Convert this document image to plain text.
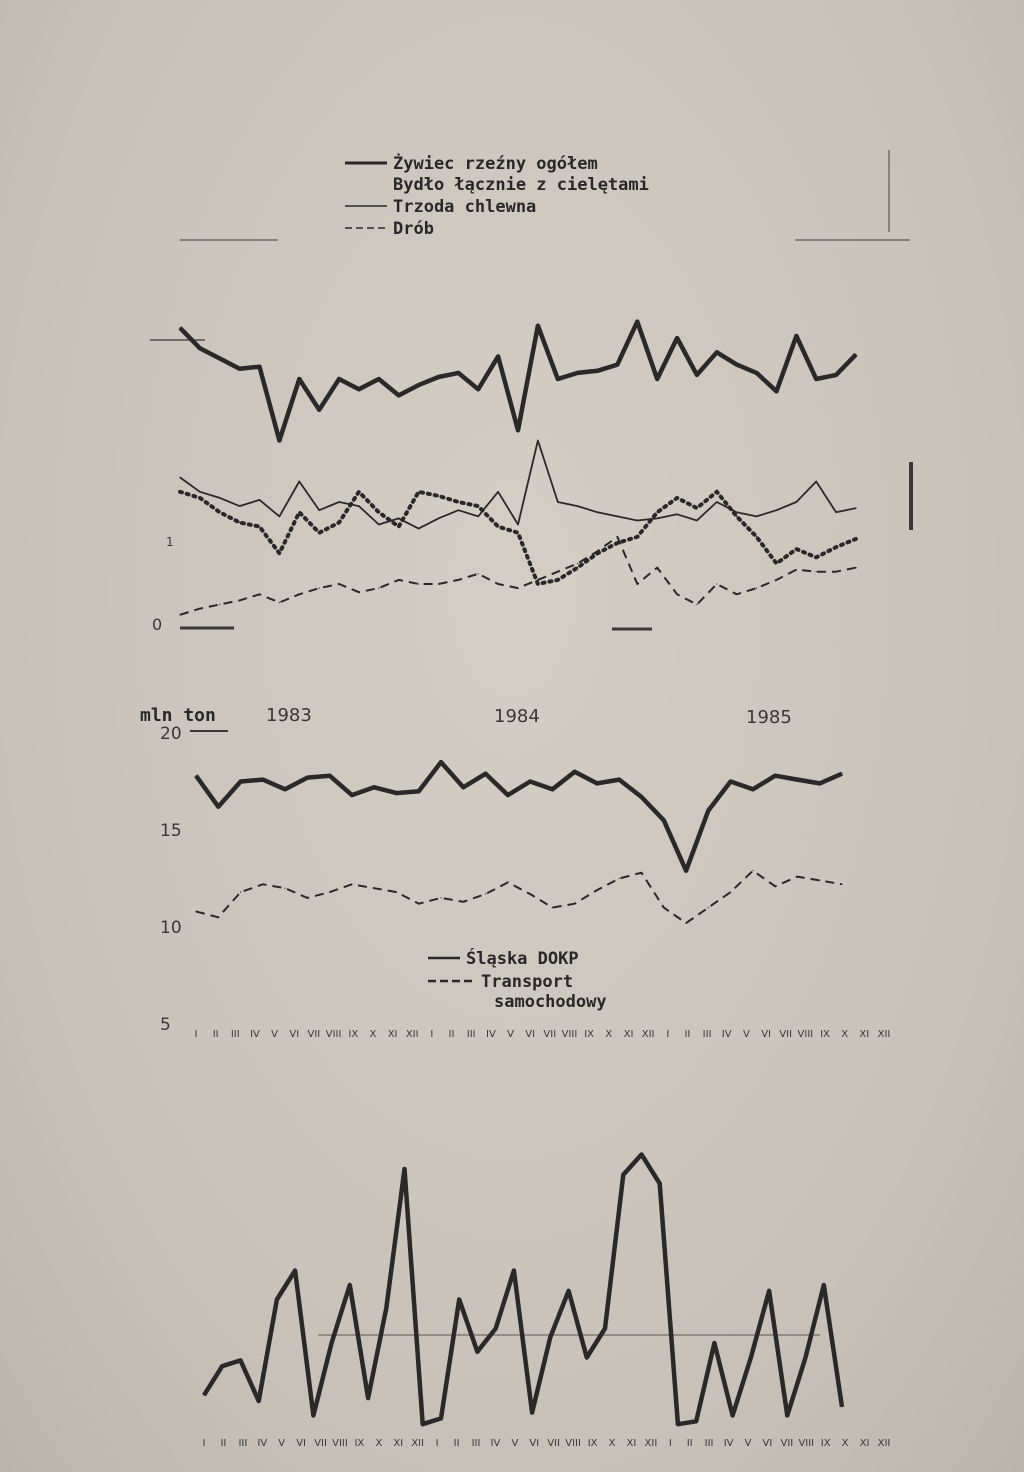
Żywiec rzeźny ogółem
Bydło łącznie z cielętami
Trzoda chlewna
Drób
1
0
mln ton	1983	1984	1985
20
15
10
5
Śląska DOKP
Transport samochodowy
I II III IV V VI VII VIII IX X XI XII I II III IV V VI VII VIII IX X XI XII I II III IV V VI VII VIII IX X XI XII
I II III IV V VI VII VIII IX X XI XII I II III IV V VI VII VIII IX X XI XII I II III IV V VI VII VIII IX X XI XII
